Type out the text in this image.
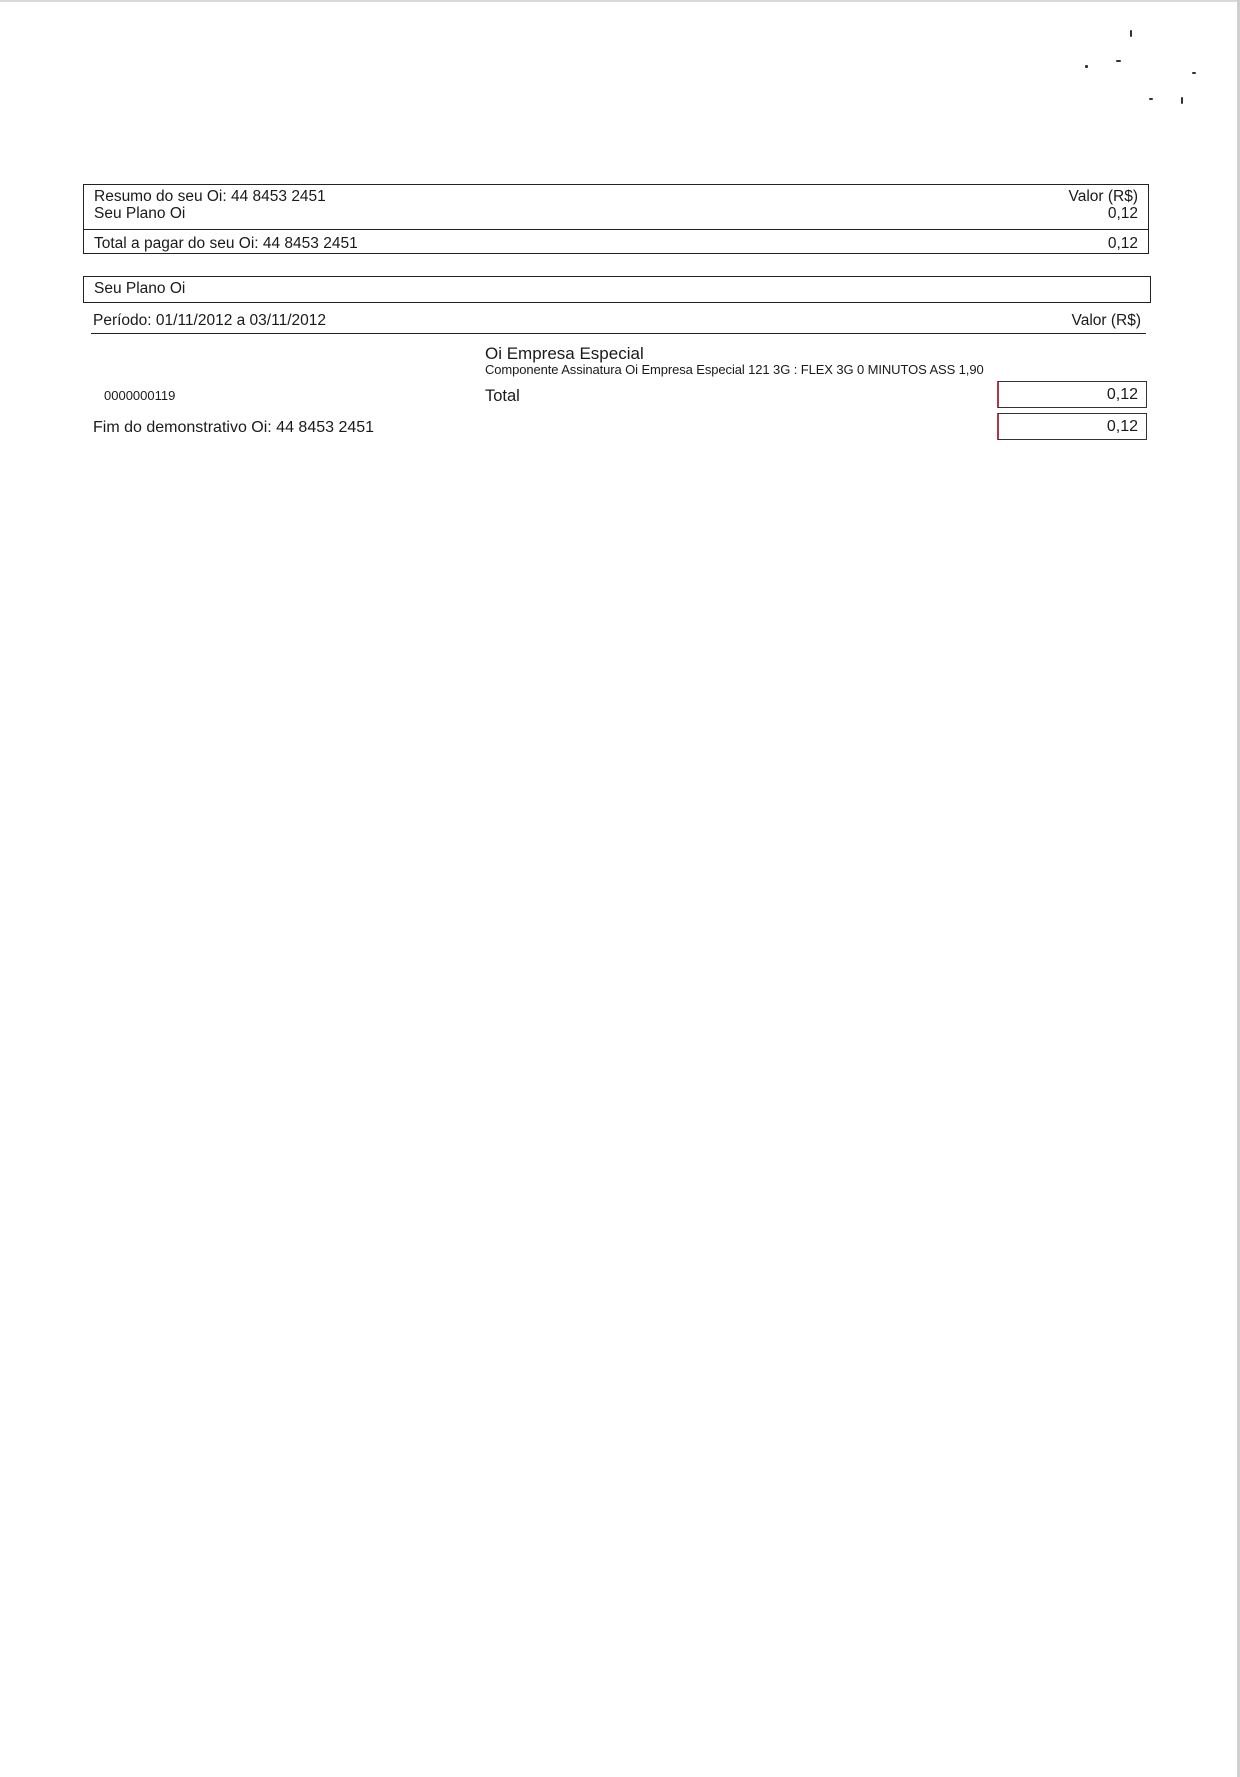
Resumo do seu Oi: 44 8453 2451	Valor (R$)
Seu Plano Oi	0,12
Total a pagar do seu Oi: 44 8453 2451	0,12
Seu Plano Oi
Período: 01/11/2012 a 03/11/2012	Valor (R$)
Oi Empresa Especial
Componente Assinatura Oi Empresa Especial 121 3G : FLEX 3G 0 MINUTOS ASS 1,90
0000000119	Total	0,12
Fim do demonstrativo Oi: 44 8453 2451	0,12
